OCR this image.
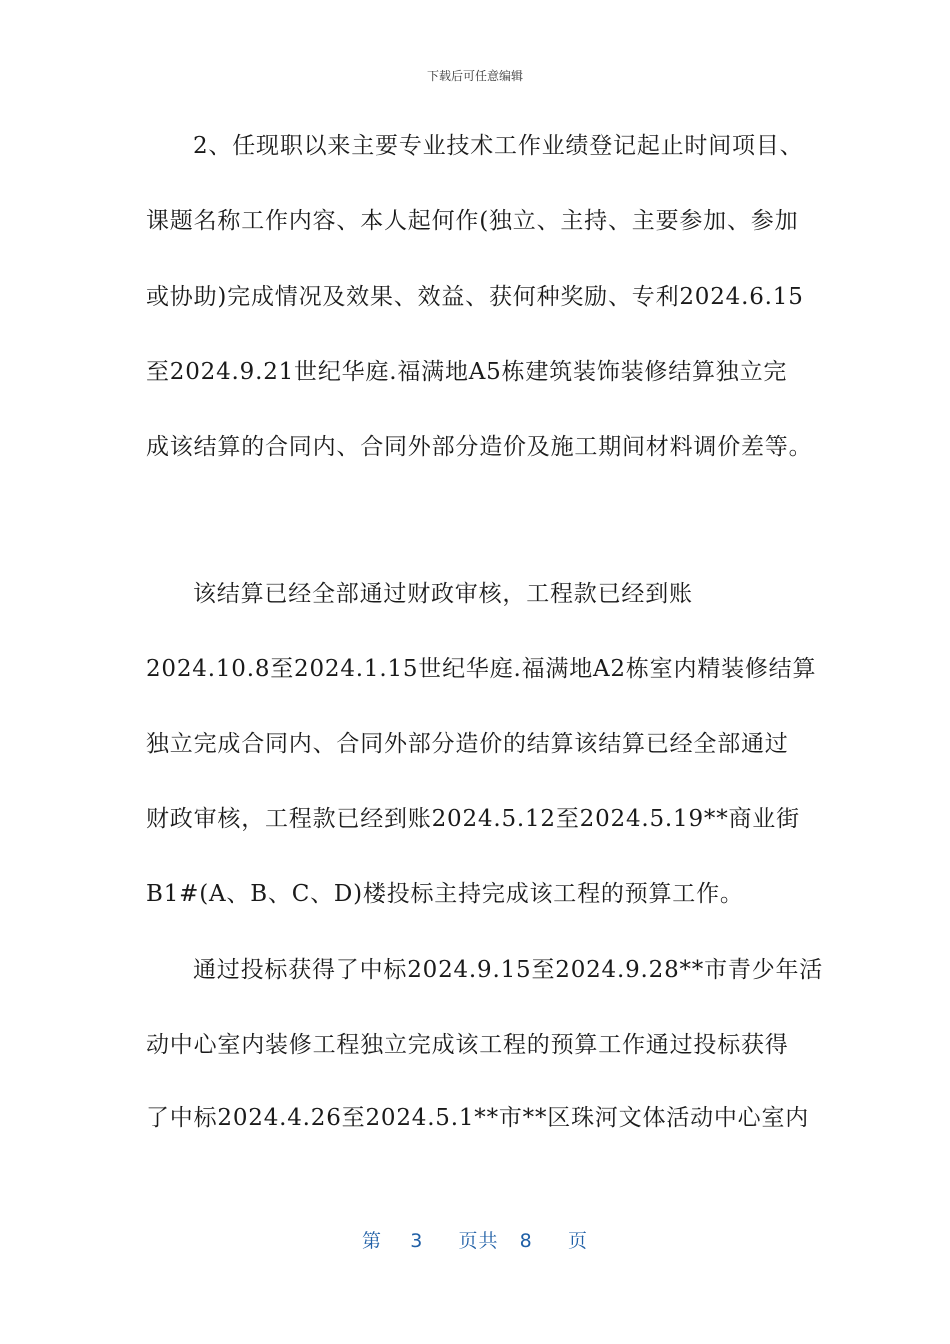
下载后可任意编辑
2、任现职以来主要专业技术工作业绩登记起止时间项目、
课题名称工作内容、本人起何作(独立、主持、主要参加、参加
或协助)完成情况及效果、效益、获何种奖励、专利2024.6.15
至2024.9.21世纪华庭.福满地A5栋建筑装饰装修结算独立完
成该结算的合同内、合同外部分造价及施工期间材料调价差等。
该结算已经全部通过财政审核，工程款已经到账
2024.10.8至2024.1.15世纪华庭.福满地A2栋室内精装修结算
独立完成合同内、合同外部分造价的结算该结算已经全部通过
财政审核，工程款已经到账2024.5.12至2024.5.19**商业街
B1#(A、B、C、D)楼投标主持完成该工程的预算工作。
通过投标获得了中标2024.9.15至2024.9.28**市青少年活
动中心室内装修工程独立完成该工程的预算工作通过投标获得
了中标2024.4.26至2024.5.1**市**区珠河文体活动中心室内
第 3 页共 8 页
